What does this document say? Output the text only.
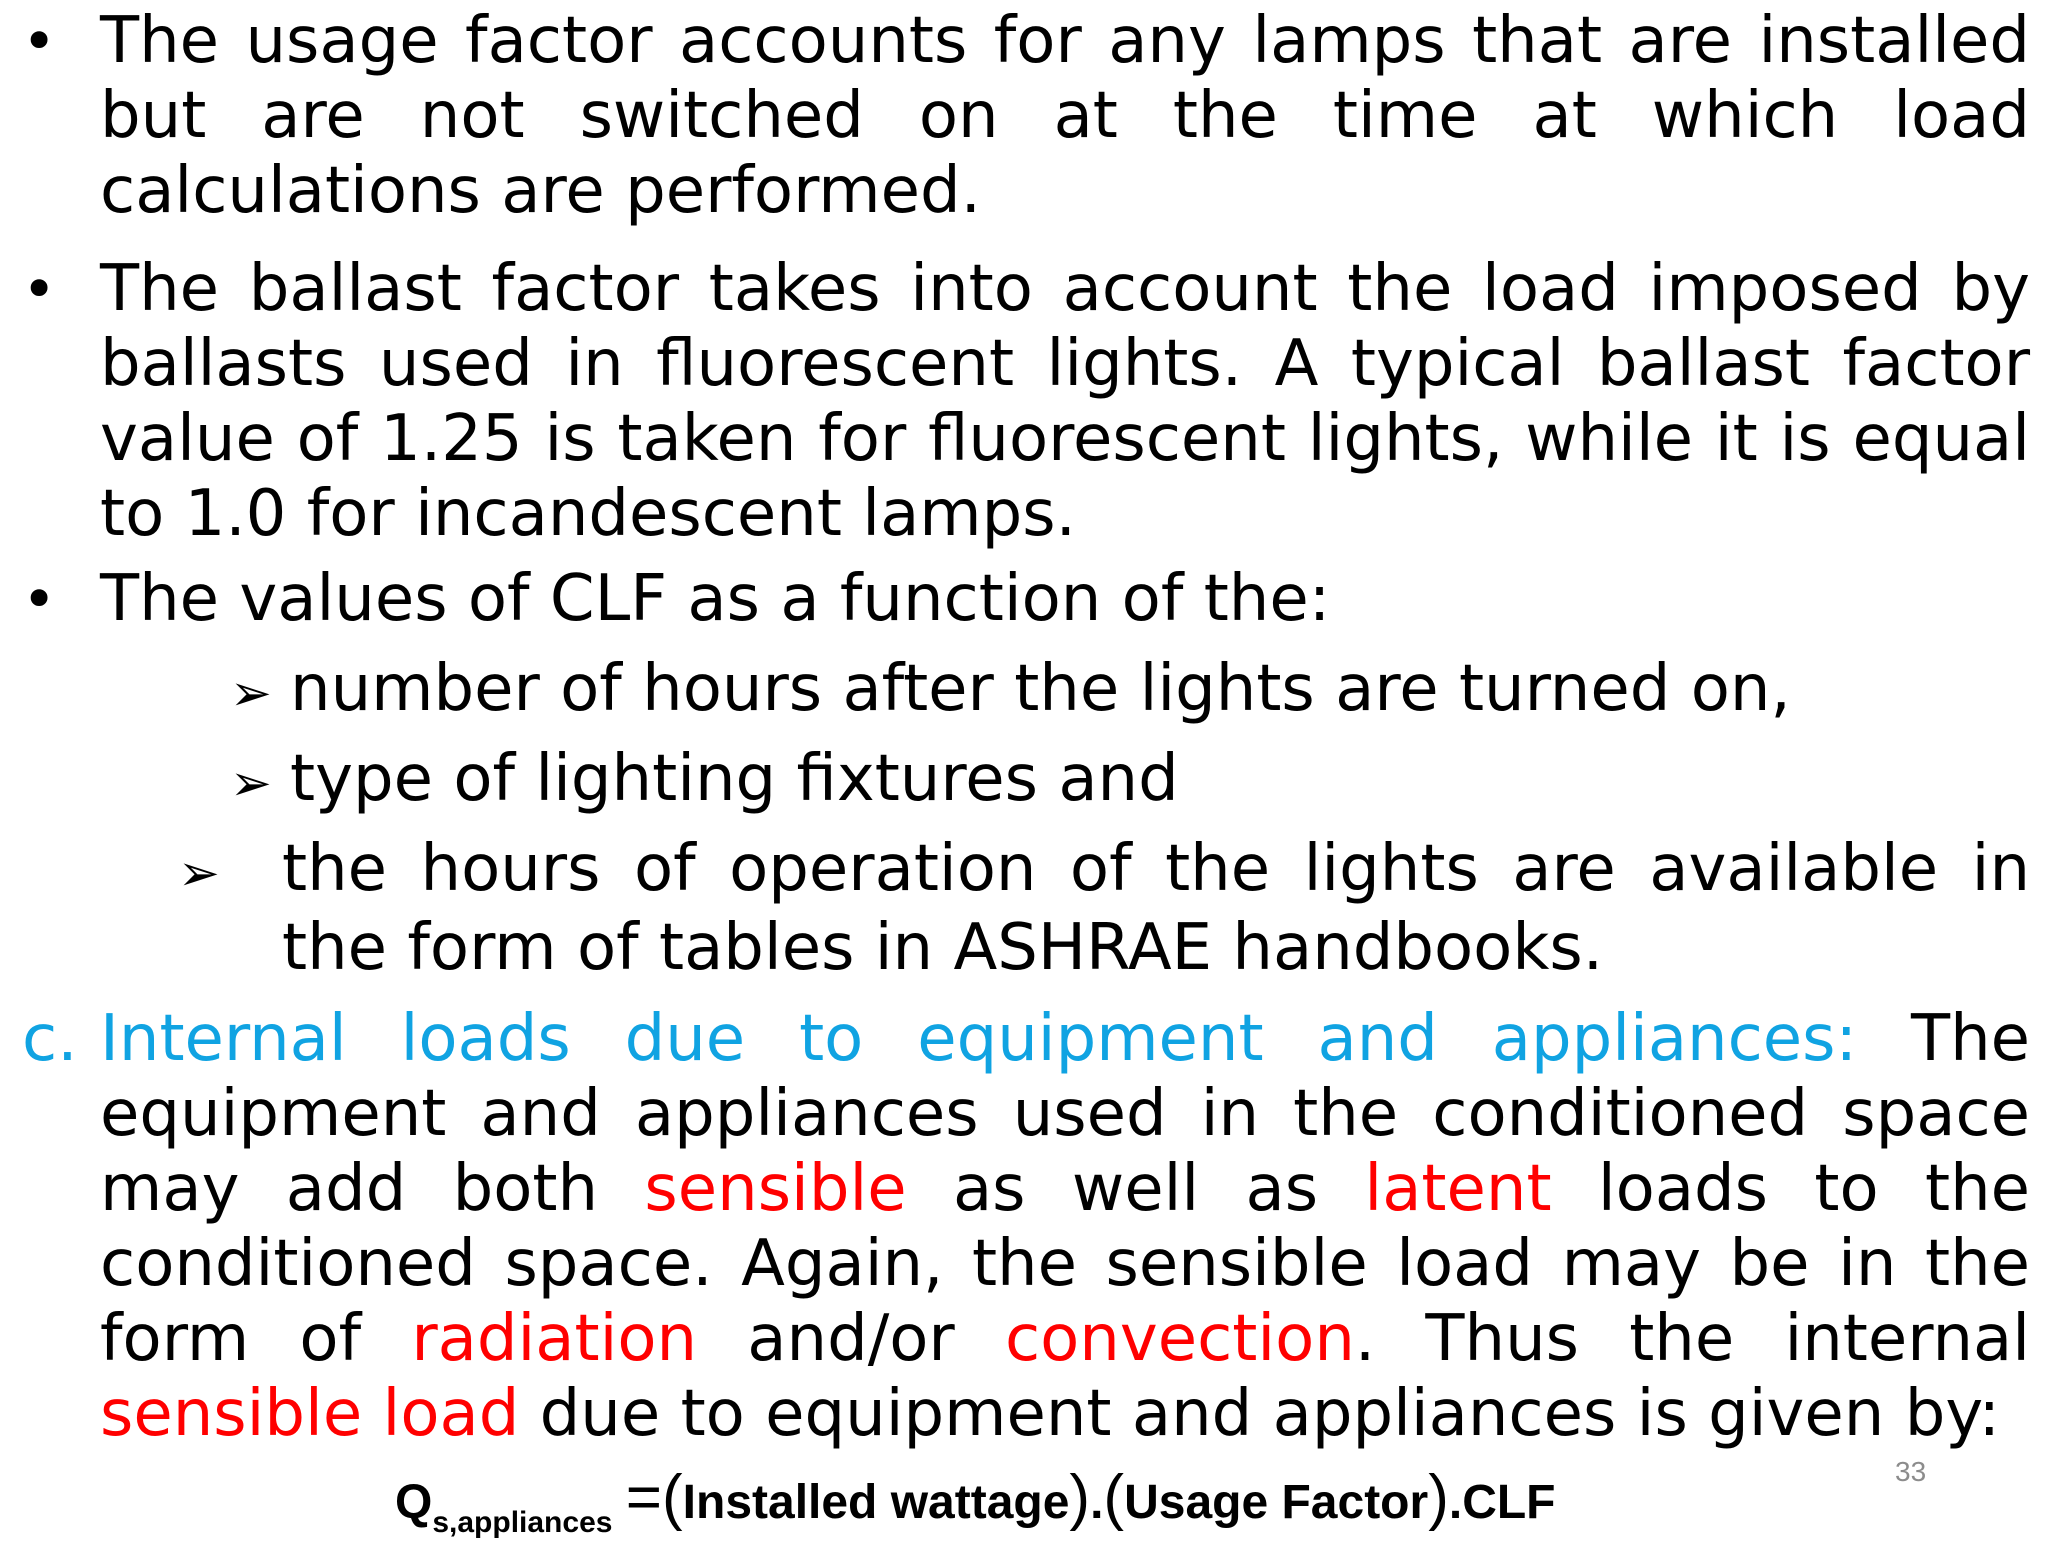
• The usage factor accounts for any lamps that are installed but are not switched on at the time at which load calculations are performed.

• The ballast factor takes into account the load imposed by ballasts used in fluorescent lights. A typical ballast factor value of 1.25 is taken for fluorescent lights, while it is equal to 1.0 for incandescent lamps.

• The values of CLF as a function of the:

➢ number of hours after the lights are turned on,
➢ type of lighting fixtures and
➢ the hours of operation of the lights are available in the form of tables in ASHRAE handbooks.
c. Internal loads due to equipment and appliances: The equipment and appliances used in the conditioned space may add both sensible as well as latent loads to the conditioned space. Again, the sensible load may be in the form of radiation and/or convection. Thus the internal sensible load due to equipment and appliances is given by:

$Q_{s,appliances}$ =(Installed wattage).(Usage Factor).CLF
33
